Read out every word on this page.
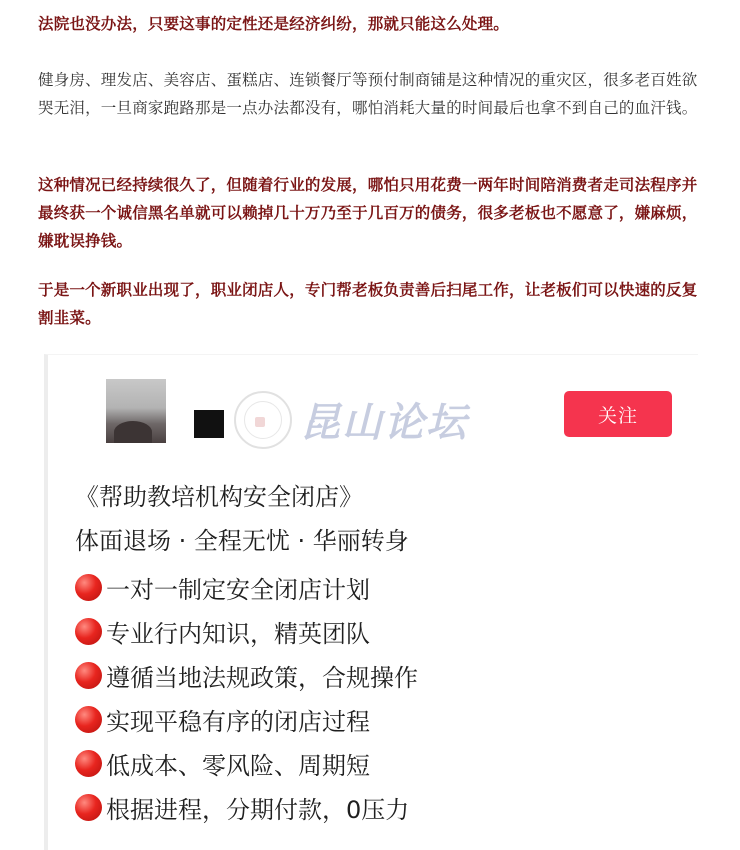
法院也没办法，只要这事的定性还是经济纠纷，那就只能这么处理。

健身房、理发店、美容店、蛋糕店、连锁餐厅等预付制商铺是这种情况的重灾区，很多老百姓欲哭无泪，一旦商家跑路那是一点办法都没有，哪怕消耗大量的时间最后也拿不到自己的血汗钱。

这种情况已经持续很久了，但随着行业的发展，哪怕只用花费一两年时间陪消费者走司法程序并最终获一个诚信黑名单就可以赖掉几十万乃至于几百万的债务，很多老板也不愿意了，嫌麻烦，嫌耽误挣钱。

于是一个新职业出现了，职业闭店人，专门帮老板负责善后扫尾工作，让老板们可以快速的反复割韭菜。

昆山论坛	关注
《帮助教培机构安全闭店》
体面退场 · 全程无忧 · 华丽转身
一对一制定安全闭店计划
专业行内知识，精英团队
遵循当地法规政策，合规操作
实现平稳有序的闭店过程
低成本、零风险、周期短
根据进程，分期付款，0压力
